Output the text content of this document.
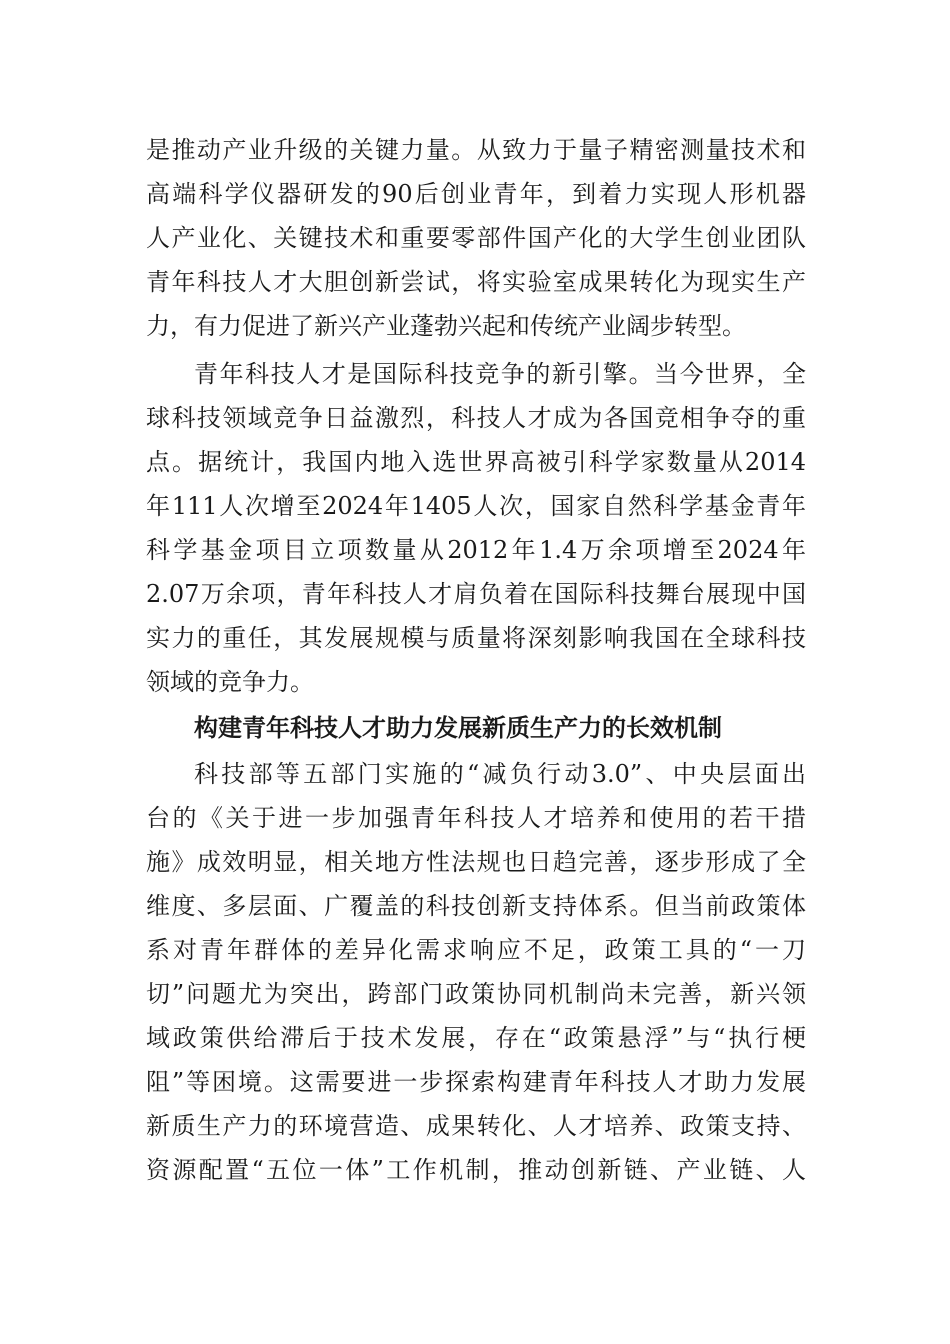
是推动产业升级的关键力量。从致力于量子精密测量技术和
高端科学仪器研发的90后创业青年，到着力实现人形机器
人产业化、关键技术和重要零部件国产化的大学生创业团队
青年科技人才大胆创新尝试，将实验室成果转化为现实生产
力，有力促进了新兴产业蓬勃兴起和传统产业阔步转型。
青年科技人才是国际科技竞争的新引擎。当今世界，全
球科技领域竞争日益激烈，科技人才成为各国竞相争夺的重
点。据统计，我国内地入选世界高被引科学家数量从2014
年111人次增至2024年1405人次，国家自然科学基金青年
科学基金项目立项数量从2012年1.4万余项增至2024年
2.07万余项，青年科技人才肩负着在国际科技舞台展现中国
实力的重任，其发展规模与质量将深刻影响我国在全球科技
领域的竞争力。
构建青年科技人才助力发展新质生产力的长效机制
科技部等五部门实施的“减负行动3.0”、中央层面出
台的《关于进一步加强青年科技人才培养和使用的若干措
施》成效明显，相关地方性法规也日趋完善，逐步形成了全
维度、多层面、广覆盖的科技创新支持体系。但当前政策体
系对青年群体的差异化需求响应不足，政策工具的“一刀
切”问题尤为突出，跨部门政策协同机制尚未完善，新兴领
域政策供给滞后于技术发展，存在“政策悬浮”与“执行梗
阻”等困境。这需要进一步探索构建青年科技人才助力发展
新质生产力的环境营造、成果转化、人才培养、政策支持、
资源配置“五位一体”工作机制，推动创新链、产业链、人
